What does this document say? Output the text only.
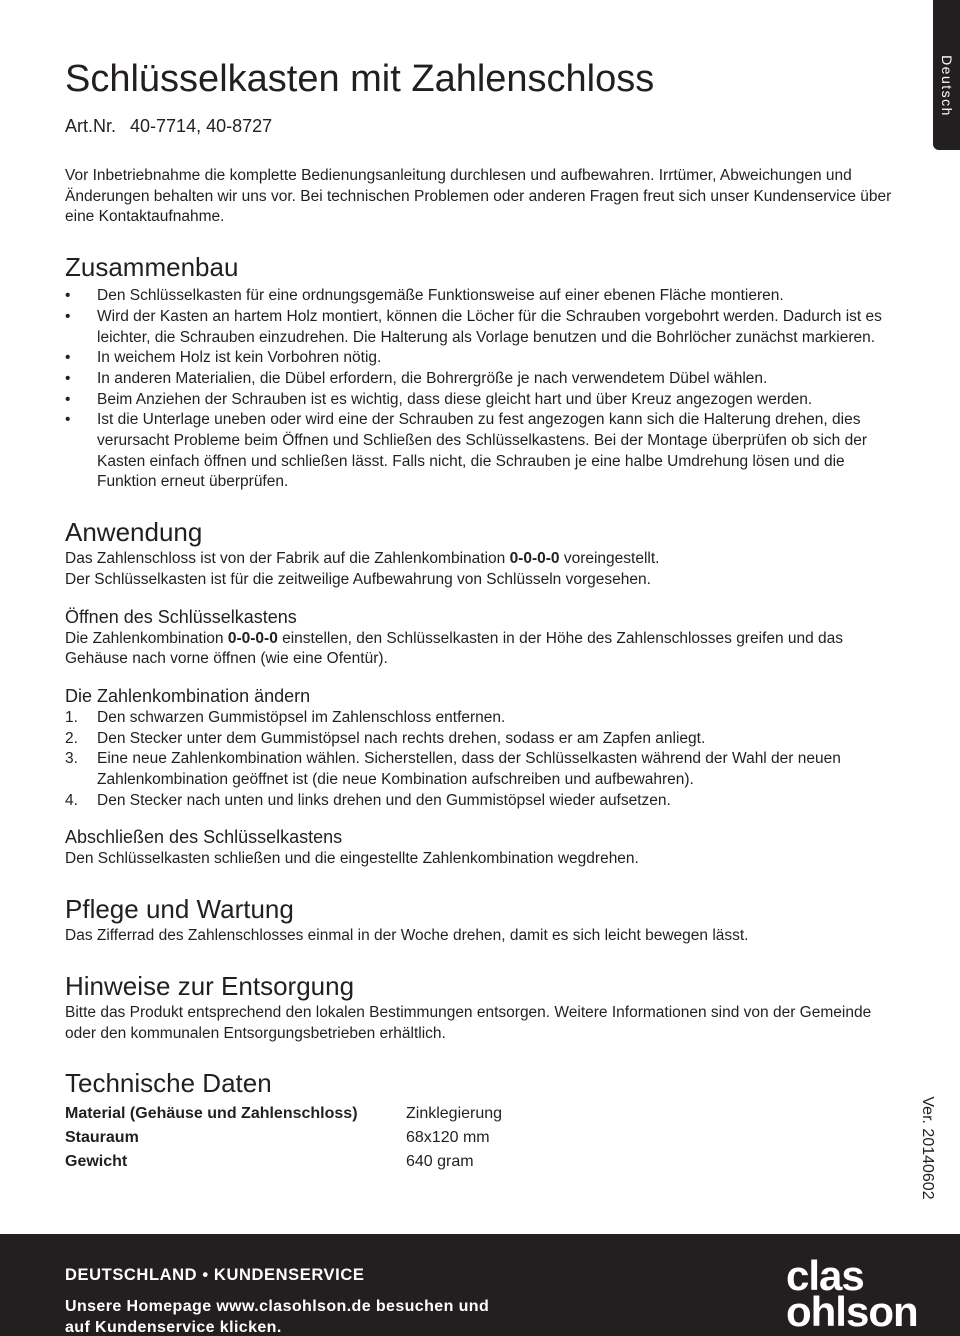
Deutsch
Schlüsselkasten mit Zahlenschloss
Art.Nr. 40-7714, 40-8727

Vor Inbetriebnahme die komplette Bedienungsanleitung durchlesen und aufbewahren. Irrtümer, Abweichungen und Änderungen behalten wir uns vor. Bei technischen Problemen oder anderen Fragen freut sich unser Kundenservice über eine Kontaktaufnahme.

Zusammenbau
• Den Schlüsselkasten für eine ordnungsgemäße Funktionsweise auf einer ebenen Fläche montieren.
• Wird der Kasten an hartem Holz montiert, können die Löcher für die Schrauben vorgebohrt werden. Dadurch ist es leichter, die Schrauben einzudrehen. Die Halterung als Vorlage benutzen und die Bohrlöcher zunächst markieren.
• In weichem Holz ist kein Vorbohren nötig.
• In anderen Materialien, die Dübel erfordern, die Bohrergröße je nach verwendetem Dübel wählen.
• Beim Anziehen der Schrauben ist es wichtig, dass diese gleicht hart und über Kreuz angezogen werden.
• Ist die Unterlage uneben oder wird eine der Schrauben zu fest angezogen kann sich die Halterung drehen, dies verursacht Probleme beim Öffnen und Schließen des Schlüsselkastens. Bei der Montage überprüfen ob sich der Kasten einfach öffnen und schließen lässt. Falls nicht, die Schrauben je eine halbe Umdrehung lösen und die Funktion erneut überprüfen.
Anwendung

Das Zahlenschloss ist von der Fabrik auf die Zahlenkombination 0-0-0-0 voreingestellt.

Der Schlüsselkasten ist für die zeitweilige Aufbewahrung von Schlüsseln vorgesehen.

Öffnen des Schlüsselkastens

Die Zahlenkombination 0-0-0-0 einstellen, den Schlüsselkasten in der Höhe des Zahlenschlosses greifen und das Gehäuse nach vorne öffnen (wie eine Ofentür).

Die Zahlenkombination ändern
1. Den schwarzen Gummistöpsel im Zahlenschloss entfernen.
2. Den Stecker unter dem Gummistöpsel nach rechts drehen, sodass er am Zapfen anliegt.
3. Eine neue Zahlenkombination wählen. Sicherstellen, dass der Schlüsselkasten während der Wahl der neuen Zahlenkombination geöffnet ist (die neue Kombination aufschreiben und aufbewahren).
4. Den Stecker nach unten und links drehen und den Gummistöpsel wieder aufsetzen.
Abschließen des Schlüsselkastens

Den Schlüsselkasten schließen und die eingestellte Zahlenkombination wegdrehen.

Pflege und Wartung

Das Zifferrad des Zahlenschlosses einmal in der Woche drehen, damit es sich leicht bewegen lässt.

Hinweise zur Entsorgung

Bitte das Produkt entsprechend den lokalen Bestimmungen entsorgen. Weitere Informationen sind von der Gemeinde oder den kommunalen Entsorgungsbetrieben erhältlich.

Technische Daten
Material (Gehäuse und Zahlenschloss)	Zinklegierung
Stauraum	68x120 mm
Gewicht	640 gram	Ver. 20140602
DEUTSCHLAND • KUNDENSERVICE
Unsere Homepage www.clasohlson.de besuchen und
auf Kundenservice klicken.
clas
ohlson
